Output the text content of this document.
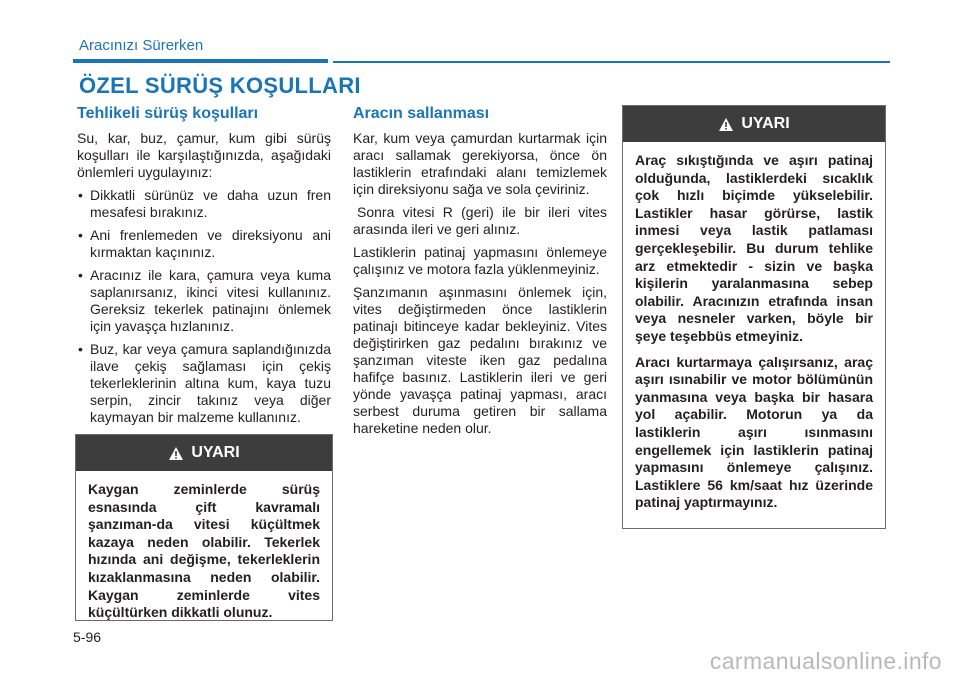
Aracınızı Sürerken
ÖZEL SÜRÜŞ KOŞULLARI
Tehlikeli sürüş koşulları

Su, kar, buz, çamur, kum gibi sürüş koşulları ile karşılaştığınızda, aşağıdaki önlemleri uygulayınız:

• Dikkatli sürünüz ve daha uzun fren mesafesi bırakınız.
• Ani frenlemeden ve direksiyonu ani kırmaktan kaçınınız.
• Aracınız ile kara, çamura veya kuma saplanırsanız, ikinci vitesi kullanınız. Gereksiz tekerlek patinajını önlemek için yavaşça hızlanınız.
• Buz, kar veya çamura saplandığınızda ilave çekiş sağlaması için çekiş tekerleklerinin altına kum, kaya tuzu serpin, zincir takınız veya diğer kaymayan bir malzeme kullanınız.
UYARI

Kaygan zeminlerde sürüş esnasında çift kavramalı şanzıman-da vitesi küçültmek kazaya neden olabilir. Tekerlek hızında ani değişme, tekerleklerin kızaklanmasına neden olabilir. Kaygan zeminlerde vites küçültürken dikkatli olunuz.

Aracın sallanması

Kar, kum veya çamurdan kurtarmak için aracı sallamak gerekiyorsa, önce ön lastiklerin etrafındaki alanı temizlemek için direksiyonu sağa ve sola çeviriniz.

Sonra vitesi R (geri) ile bir ileri vites arasında ileri ve geri alınız.

Lastiklerin patinaj yapmasını önlemeye çalışınız ve motora fazla yüklenmeyiniz.

Şanzımanın aşınmasını önlemek için, vites değiştirmeden önce lastiklerin patinajı bitinceye kadar bekleyiniz. Vites değiştirirken gaz pedalını bırakınız ve şanzıman viteste iken gaz pedalına hafifçe basınız. Lastiklerin ileri ve geri yönde yavaşça patinaj yapması, aracı serbest duruma getiren bir sallama hareketine neden olur.

UYARI

Araç sıkıştığında ve aşırı patinaj olduğunda, lastiklerdeki sıcaklık çok hızlı biçimde yükselebilir. Lastikler hasar görürse, lastik inmesi veya lastik patlaması gerçekleşebilir. Bu durum tehlike arz etmektedir - sizin ve başka kişilerin yaralanmasına sebep olabilir. Aracınızın etrafında insan veya nesneler varken, böyle bir şeye teşebbüs etmeyiniz.

Aracı kurtarmaya çalışırsanız, araç aşırı ısınabilir ve motor bölümünün yanmasına veya başka bir hasara yol açabilir. Motorun ya da lastiklerin aşırı ısınmasını engellemek için lastiklerin patinaj yapmasını önlemeye çalışınız. Lastiklere 56 km/saat hız üzerinde patinaj yaptırmayınız.

5-96
carmanualsonline.info
